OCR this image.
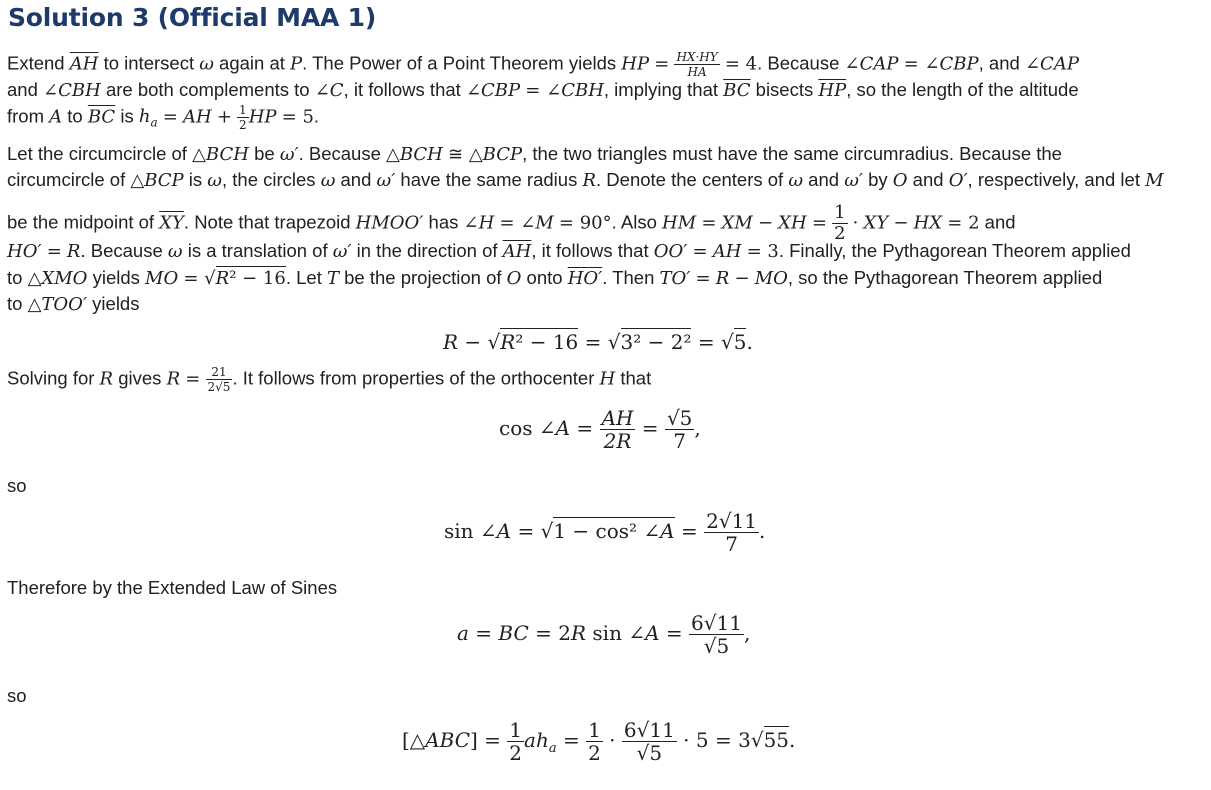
Solution 3 (Official MAA 1)
Extend $\overline{AH}$ to intersect ω again at P. The Power of a Point Theorem yields HP = $\frac{HX\cdot HY}{HA} = 4$. Because ∠CAP = ∠CBP, and ∠CAP
and ∠CBH are both complements to ∠C, it follows that ∠CBP = ∠CBH, implying that $\overline{BC}$ bisects $\overline{HP}$, so the length of the altitude
from A to $\overline{BC}$ is $h_a$ = AH + $\frac{1}{2}$ HP = 5.
Let the circumcircle of △BCH be ω′. Because △BCH ≅ △BCP, the two triangles must have the same circumradius. Because the
circumcircle of △BCP is ω, the circles ω and ω′ have the same radius R. Denote the centers of ω and ω′ by O and O′, respectively, and let M
be the midpoint of $\overline{XY}$. Note that trapezoid HMOO′ has ∠H = ∠M = 90°. Also HM = XM − XH = $\frac{1}{2}$ · XY − HX = 2 and
HO′ = R. Because ω is a translation of ω′ in the direction of $\overline{AH}$, it follows that OO′ = AH = 3. Finally, the Pythagorean Theorem applied
to △XMO yields MO = √R² − 16. Let T be the projection of O onto HO′. Then TO′ = R − MO, so the Pythagorean Theorem applied
to △TOO′ yields
R − √R² − 16 = √3² − 2² = √5.
Solving for R gives $R = \frac{21}{2√5}$ . It follows from properties of the orthocenter H that
cos ∠A = $\frac{AH}{2R} = \frac{√5}{7}$ ,
so
sin ∠A = √1 − cos² ∠A = $\frac{2√11}{7}$ .
Therefore by the Extended Law of Sines
a = BC = 2R sin ∠A = $\frac{6√11}{√5}$ ,
so
[△ABC] = $\frac{1}{2} ah_a = \frac{1}{2} \cdot \frac{6√11}{√5} \cdot 5 = 3√55$.
